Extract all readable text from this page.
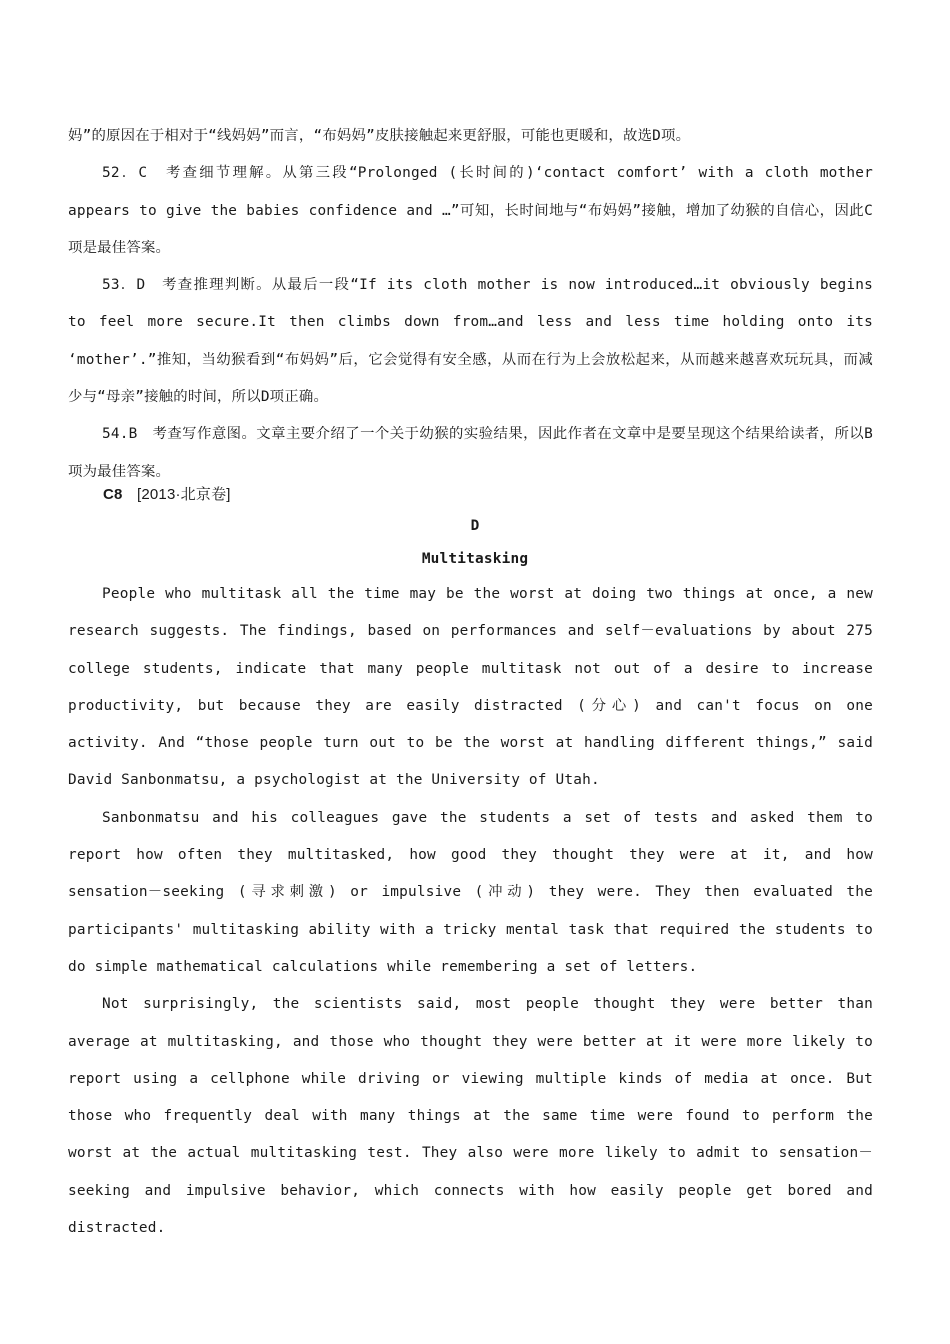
妈”的原因在于相对于“线妈妈”而言，“布妈妈”皮肤接触起来更舒服，可能也更暖和，故选D项。

52．C　考查细节理解。从第三段“Prolonged (长时间的)‘contact comfort’ with a cloth mother appears to give the babies confidence and …”可知，长时间地与“布妈妈”接触，增加了幼猴的自信心，因此C项是最佳答案。

53．D　考查推理判断。从最后一段“If its cloth mother is now introduced…it obviously begins to feel more secure.It then climbs down from…and less and less time holding onto its ‘mother’.”推知，当幼猴看到“布妈妈”后，它会觉得有安全感，从而在行为上会放松起来，从而越来越喜欢玩玩具，而减少与“母亲”接触的时间，所以D项正确。

54.B　考查写作意图。文章主要介绍了一个关于幼猴的实验结果，因此作者在文章中是要呈现这个结果给读者，所以B项为最佳答案。

C8 [2013·北京卷]
D
Multitasking

People who multitask all the time may be the worst at doing two things at once, a new research suggests. The findings, based on performances and self－evaluations by about 275 college students, indicate that many people multitask not out of a desire to increase productivity, but because they are easily distracted (分心) and can't focus on one activity. And “those people turn out to be the worst at handling different things,” said David Sanbonmatsu, a psychologist at the University of Utah.

Sanbonmatsu and his colleagues gave the students a set of tests and asked them to report how often they multitasked, how good they thought they were at it, and how sensation－seeking (寻求刺激) or impulsive (冲动) they were. They then evaluated the participants' multitasking ability with a tricky mental task that required the students to do simple mathematical calculations while remembering a set of letters.

Not surprisingly, the scientists said, most people thought they were better than average at multitasking, and those who thought they were better at it were more likely to report using a cellphone while driving or viewing multiple kinds of media at once. But those who frequently deal with many things at the same time were found to perform the worst at the actual multitasking test. They also were more likely to admit to sensation－seeking and impulsive behavior, which connects with how easily people get bored and distracted.
